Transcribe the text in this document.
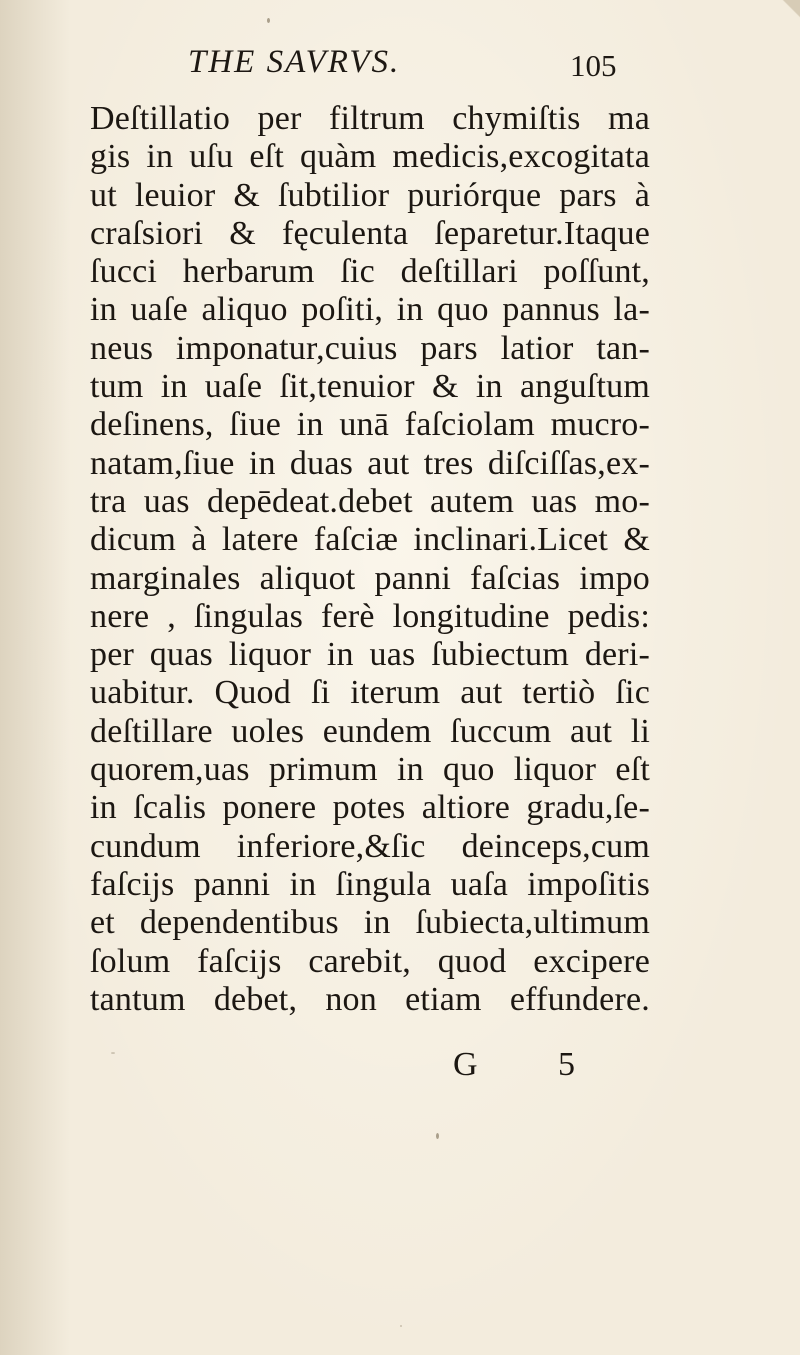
THE SAVRVS.	105
Deſtillatio per filtrum chymiſtis ma
gis in uſu eſt quàm medicis,excogitata
ut leuior & ſubtilior puriórque pars à
craſsiori & fęculenta ſeparetur.Itaque
ſucci herbarum ſic deſtillari poſſunt,
in uaſe aliquo poſiti, in quo pannus la-
neus imponatur,cuius pars latior tan-
tum in uaſe ſit,tenuior & in anguſtum
deſinens, ſiue in unā faſciolam mucro-
natam,ſiue in duas aut tres diſciſſas,ex-
tra uas depēdeat.debet autem uas mo-
dicum à latere faſciæ inclinari.Licet &
marginales aliquot panni faſcias impo
nere , ſingulas ferè longitudine pedis:
per quas liquor in uas ſubiectum deri-
uabitur. Quod ſi iterum aut tertiò ſic
deſtillare uoles eundem ſuccum aut li
quorem,uas primum in quo liquor eſt
in ſcalis ponere potes altiore gradu,ſe-
cundum inferiore,&ſic deinceps,cum
faſcijs panni in ſingula uaſa impoſitis
et dependentibus in ſubiecta,ultimum
ſolum faſcijs carebit, quod excipere
tantum debet, non etiam effundere.
G 5
